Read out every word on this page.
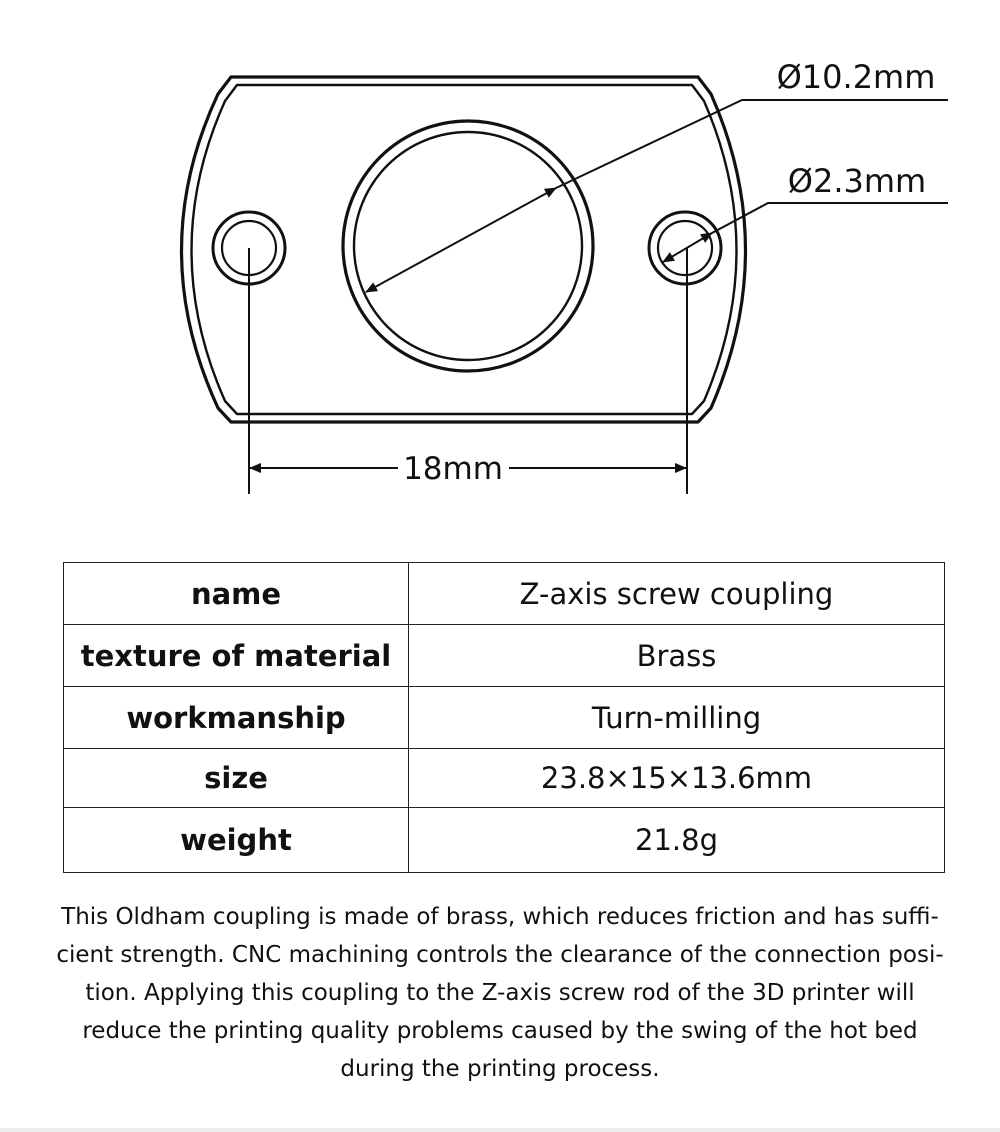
Ø10.2mm
Ø2.3mm
18mm
name	Z-axis screw coupling
texture of material	Brass
workmanship	Turn-milling
size	23.8×15×13.6mm
weight	21.8g

This Oldham coupling is made of brass, which reduces friction and has sufficient strength. CNC machining controls the clearance of the connection position. Applying this coupling to the Z-axis screw rod of the 3D printer will reduce the printing quality problems caused by the swing of the hot bed during the printing process.
